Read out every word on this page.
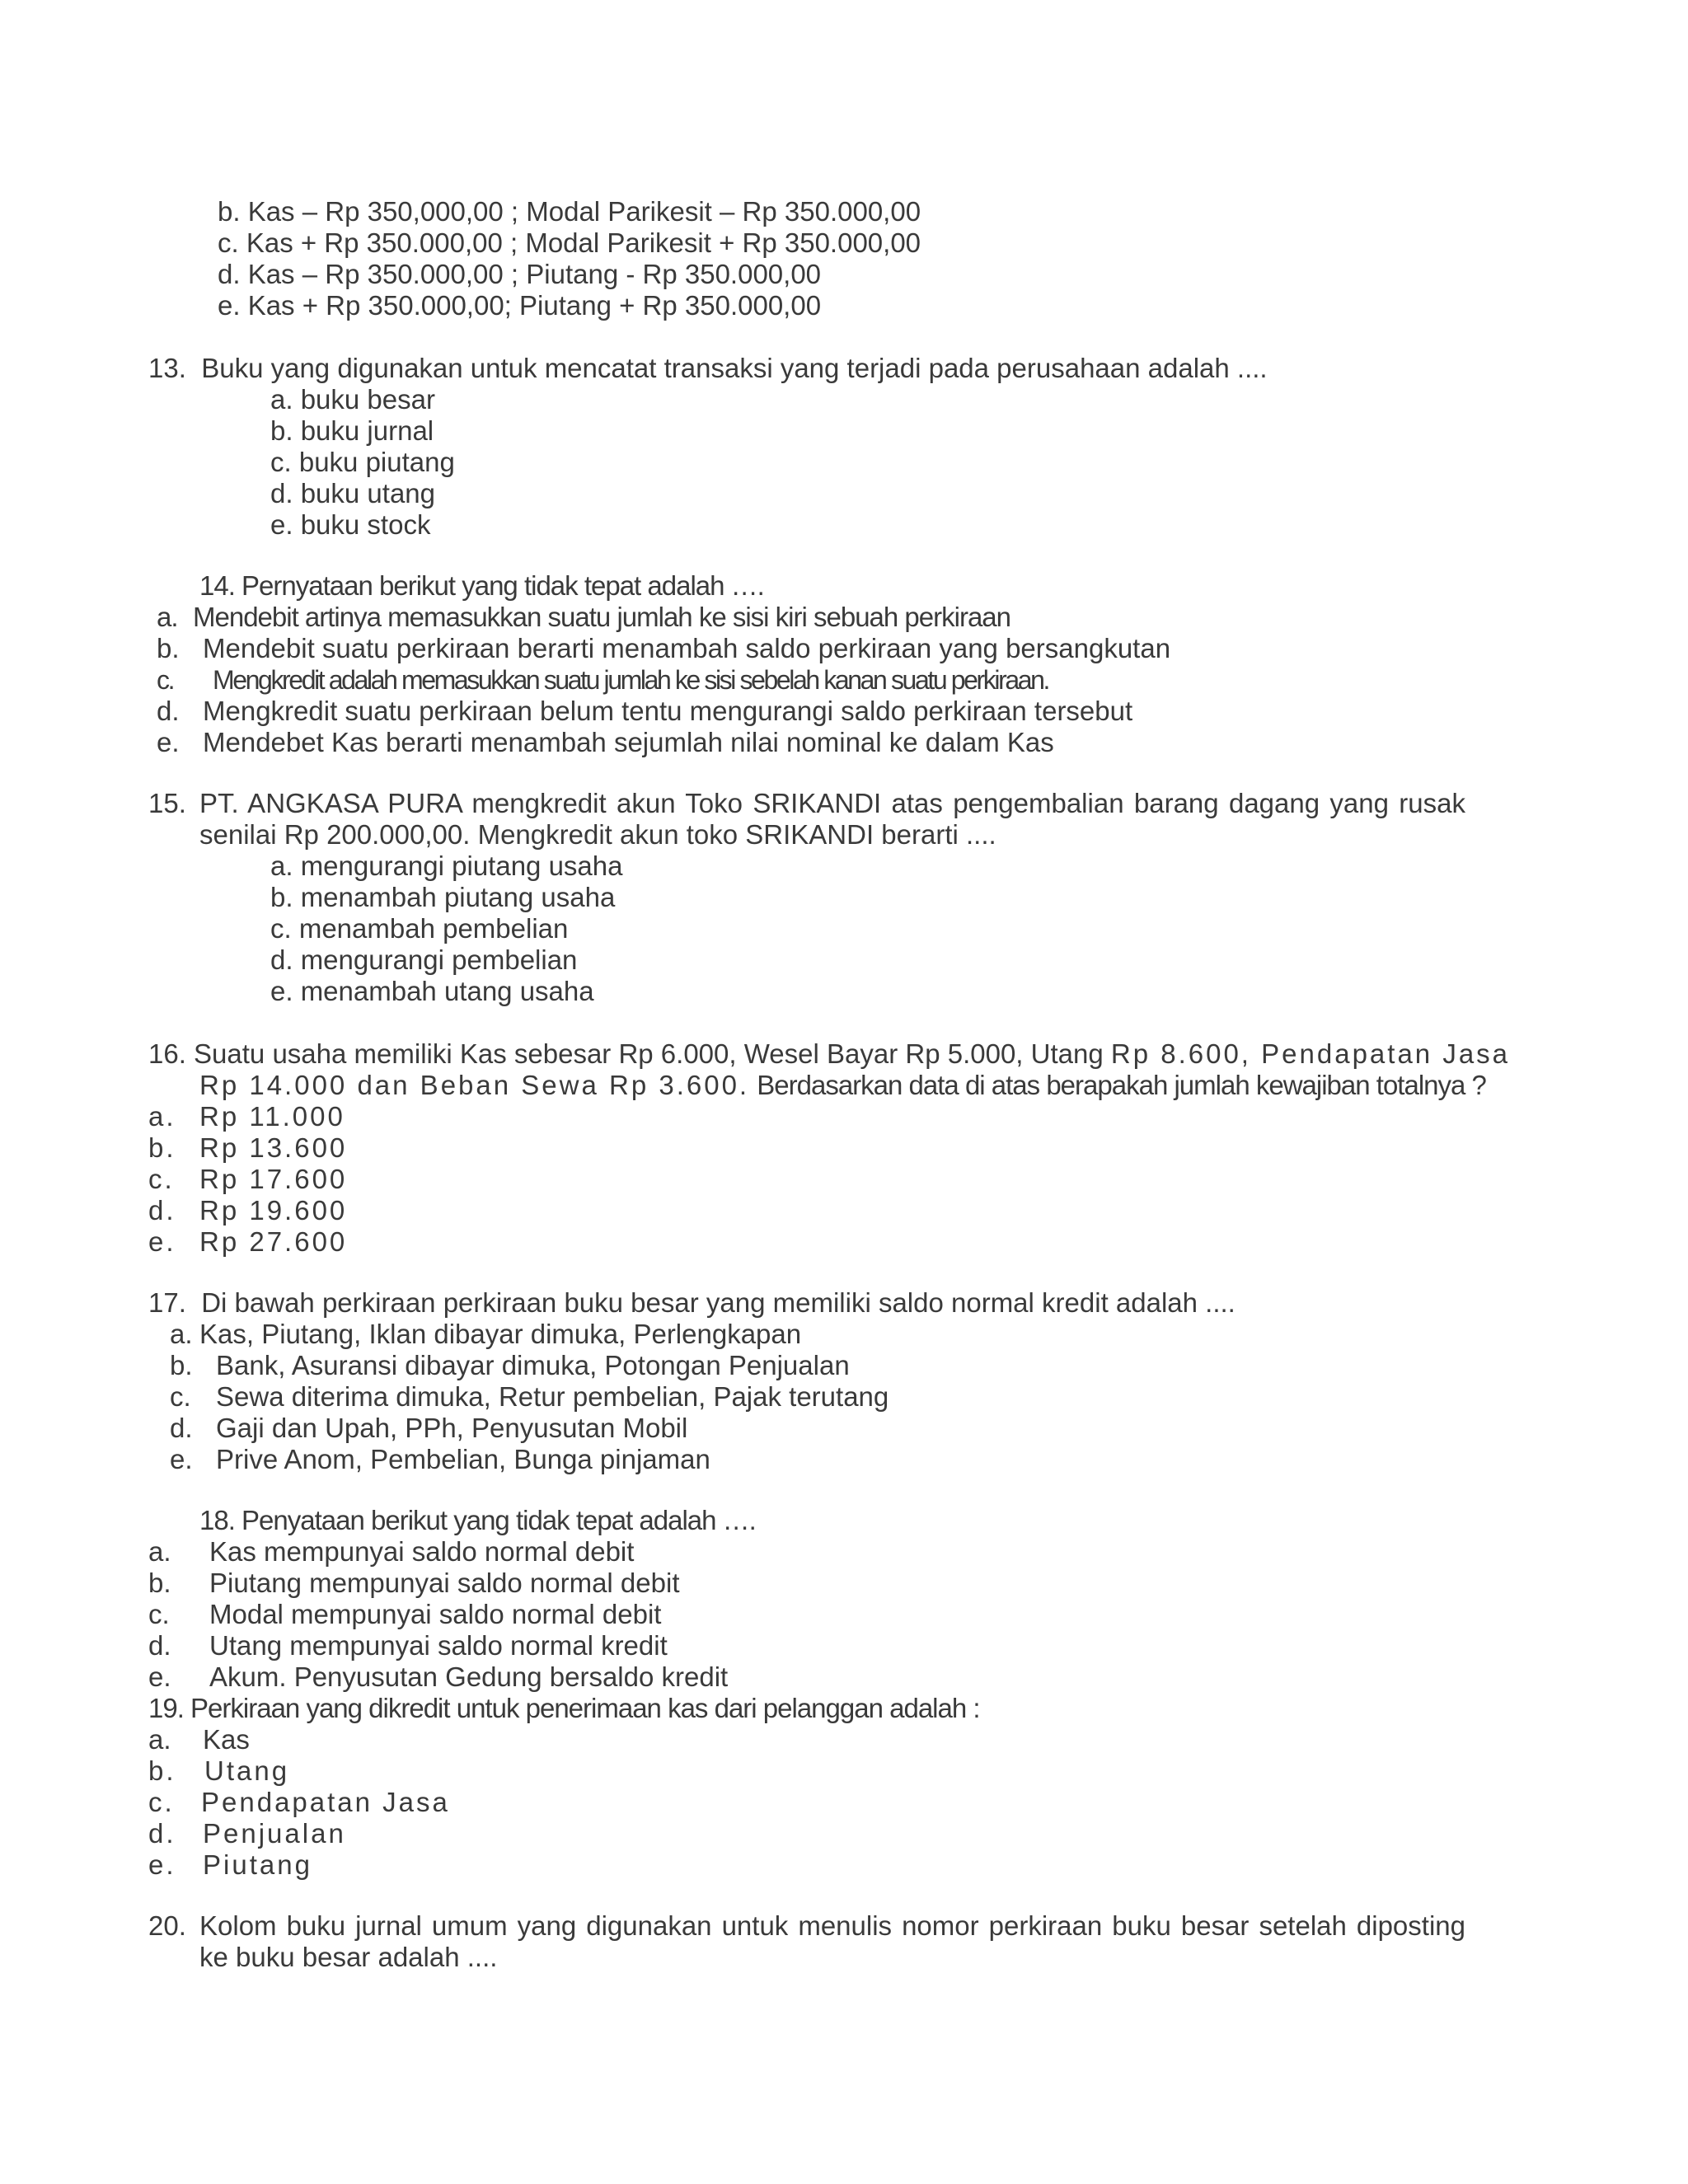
b. Kas – Rp 350,000,00 ; Modal Parikesit – Rp 350.000,00
c. Kas + Rp 350.000,00 ; Modal Parikesit + Rp 350.000,00
d. Kas – Rp 350.000,00 ; Piutang - Rp 350.000,00
e. Kas + Rp 350.000,00; Piutang + Rp 350.000,00
13.  Buku yang digunakan untuk mencatat transaksi yang terjadi pada perusahaan adalah ....
a. buku besar
b. buku jurnal
c. buku piutang
d. buku utang
e. buku stock
14. Pernyataan berikut yang tidak tepat adalah ….
a. Mendebit artinya memasukkan suatu jumlah ke sisi kiri sebuah perkiraan
b. Mendebit suatu perkiraan berarti menambah saldo perkiraan yang bersangkutan
c. Mengkredit adalah memasukkan suatu jumlah ke sisi sebelah kanan suatu perkiraan.
d. Mengkredit suatu perkiraan belum tentu mengurangi saldo perkiraan tersebut
e. Mendebet Kas berarti menambah sejumlah nilai nominal ke dalam Kas
15. PT. ANGKASA PURA mengkredit akun Toko SRIKANDI atas pengembalian barang dagang yang rusak
senilai Rp 200.000,00. Mengkredit akun toko SRIKANDI berarti ....
a. mengurangi piutang usaha
b. menambah piutang usaha
c. menambah pembelian
d. mengurangi pembelian
e. menambah utang usaha
16. Suatu usaha memiliki Kas sebesar Rp 6.000, Wesel Bayar Rp 5.000, Utang Rp 8.600, Pendapatan Jasa
Rp 14.000 dan Beban Sewa Rp 3.600. Berdasarkan data di atas berapakah jumlah kewajiban totalnya ?
a. Rp 11.000
b. Rp 13.600
c. Rp 17.600
d. Rp 19.600
e. Rp 27.600
17.  Di bawah perkiraan perkiraan buku besar yang memiliki saldo normal kredit adalah ....
a. Kas, Piutang, Iklan dibayar dimuka, Perlengkapan
b. Bank, Asuransi dibayar dimuka, Potongan Penjualan
c. Sewa diterima dimuka, Retur pembelian, Pajak terutang
d. Gaji dan Upah, PPh, Penyusutan Mobil
e. Prive Anom, Pembelian, Bunga pinjaman
18. Penyataan berikut yang tidak tepat adalah ….
a. Kas mempunyai saldo normal debit
b. Piutang mempunyai saldo normal debit
c. Modal mempunyai saldo normal debit
d. Utang mempunyai saldo normal kredit
e. Akum. Penyusutan Gedung bersaldo kredit
19. Perkiraan yang dikredit untuk penerimaan kas dari pelanggan adalah :
a. Kas
b. Utang
c. Pendapatan Jasa
d. Penjualan
e. Piutang
20. Kolom buku jurnal umum yang digunakan untuk menulis nomor perkiraan buku besar setelah diposting
ke buku besar adalah ....
